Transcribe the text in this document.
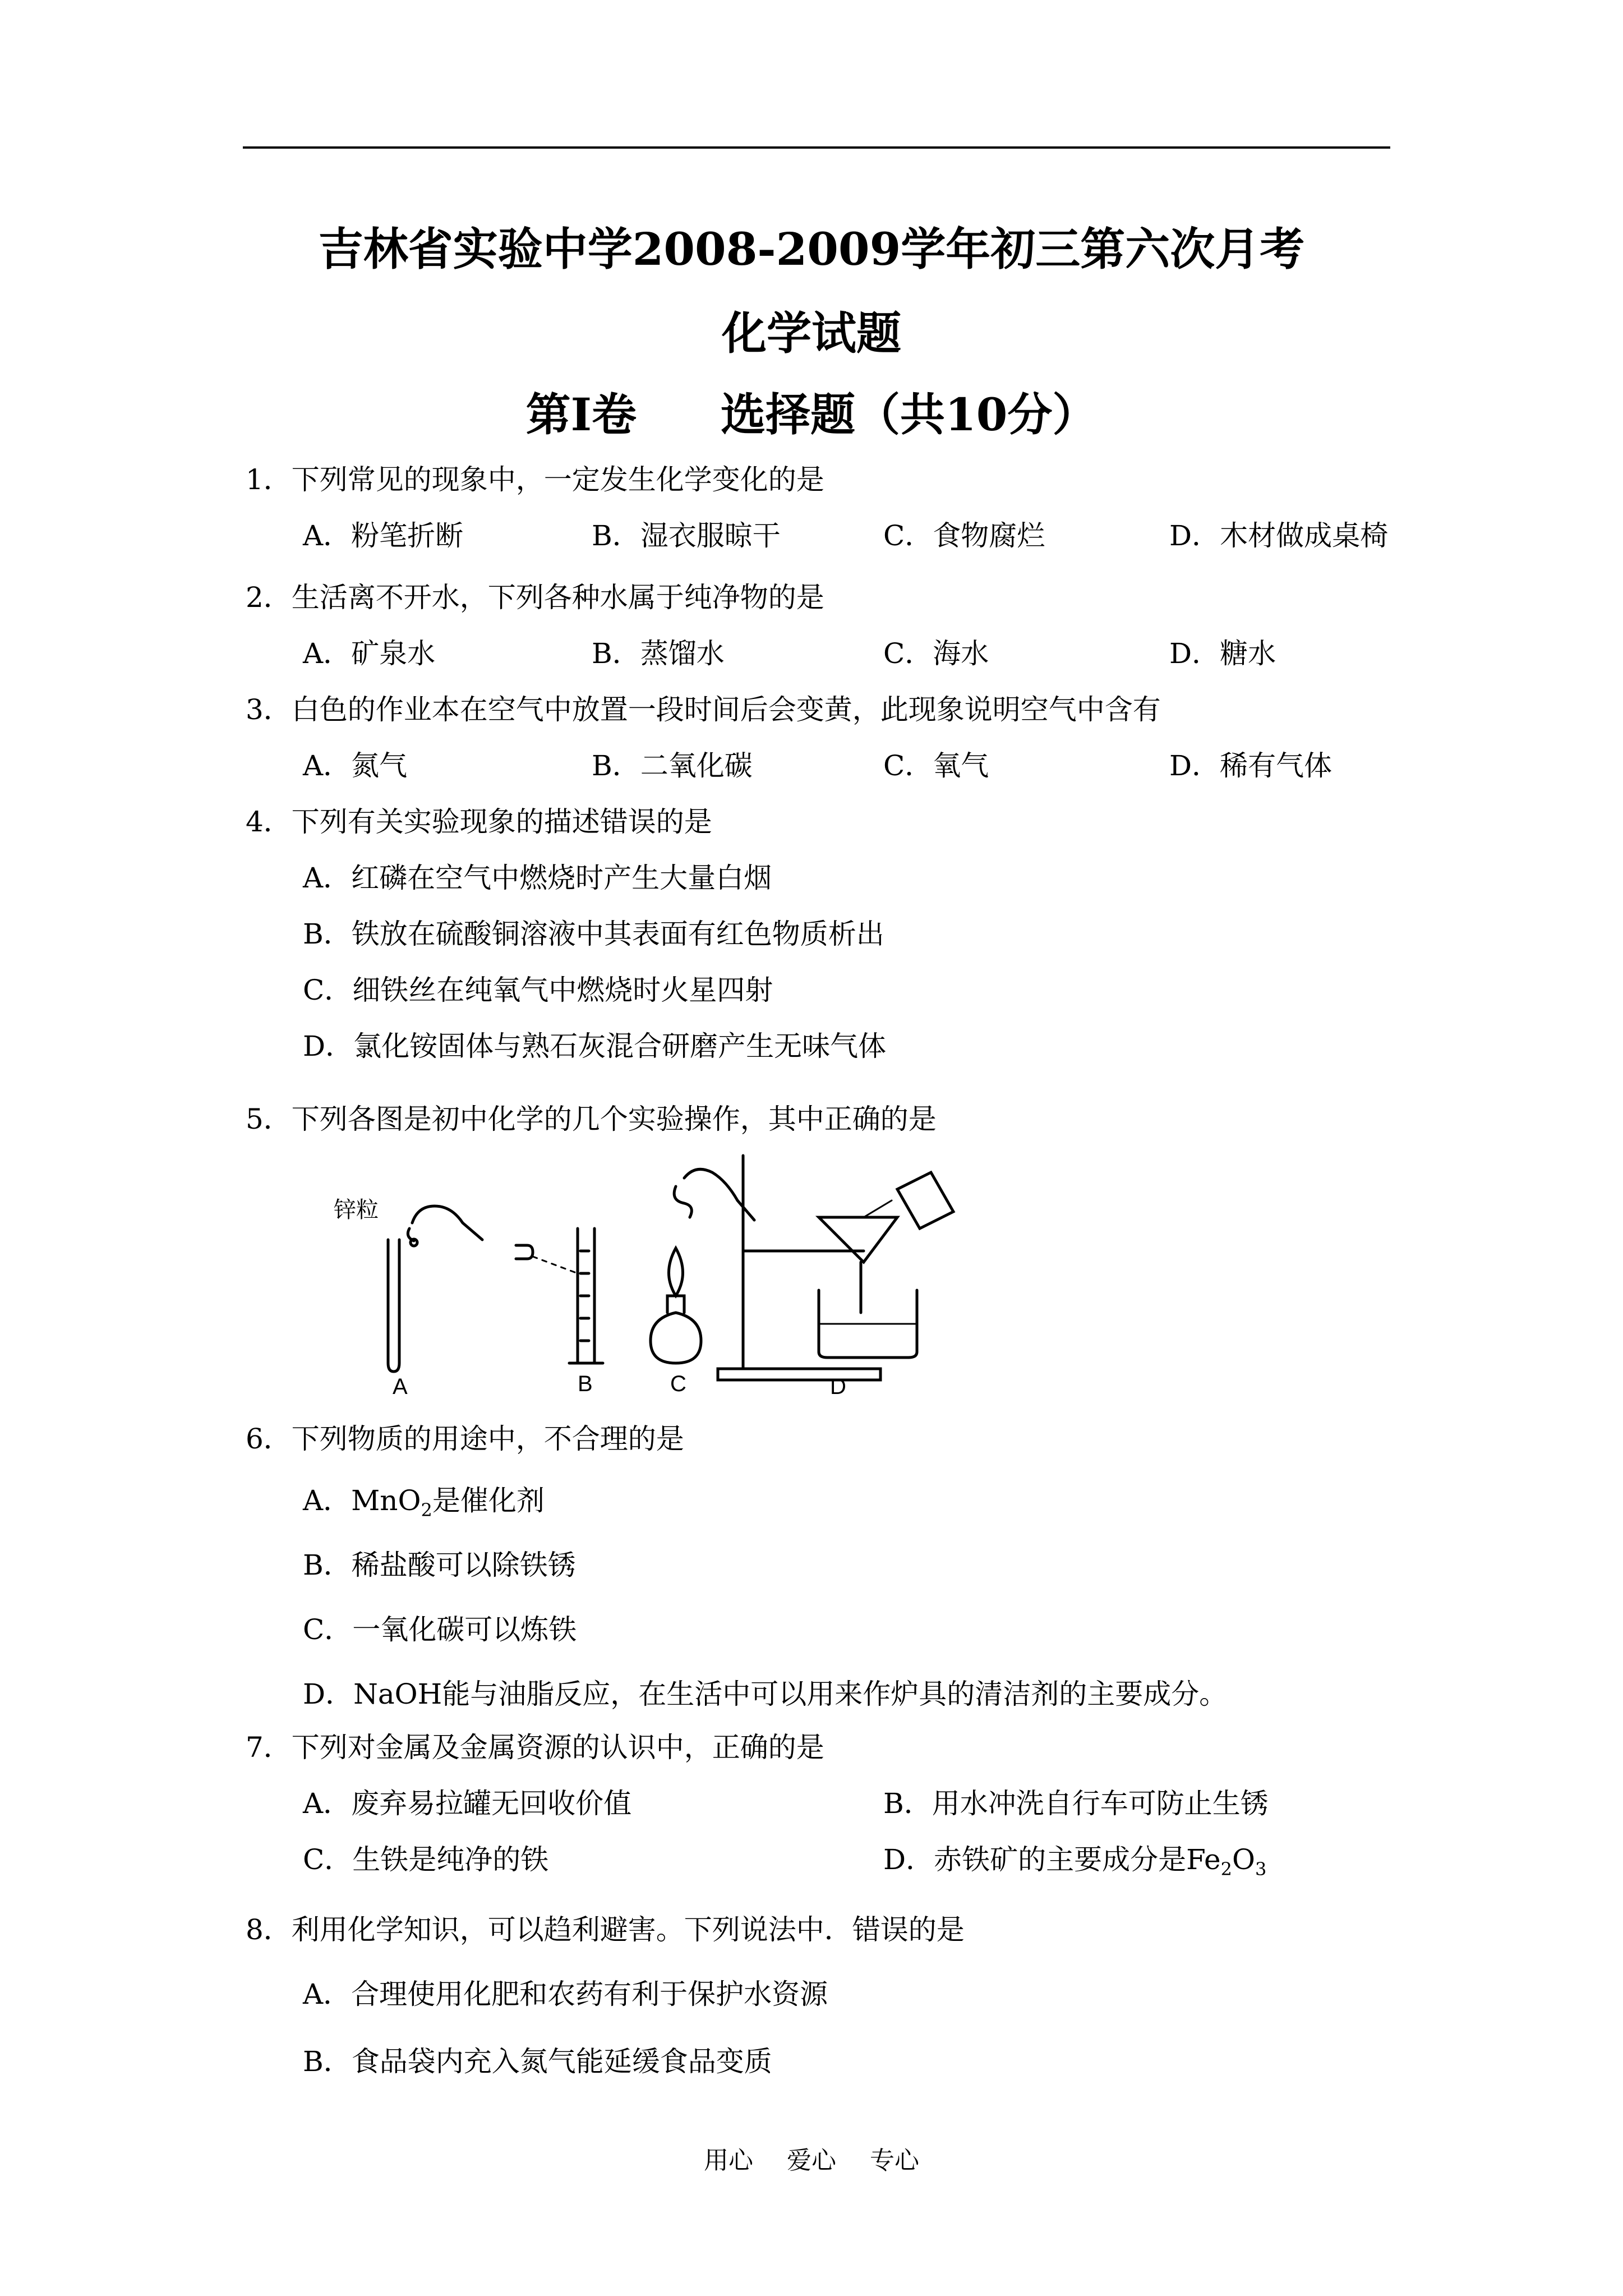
吉林省实验中学2008-2009学年初三第六次月考
化学试题
第Ⅰ卷 选择题（共10分）
1．下列常见的现象中，一定发生化学变化的是
A．粉笔折断	B．湿衣服晾干	C．食物腐烂	D．木材做成桌椅
2．生活离不开水，下列各种水属于纯净物的是
A．矿泉水	B．蒸馏水	C．海水	D．糖水
3．白色的作业本在空气中放置一段时间后会变黄，此现象说明空气中含有
A．氮气	B．二氧化碳	C．氧气	D．稀有气体
4．下列有关实验现象的描述错误的是
A．红磷在空气中燃烧时产生大量白烟
B．铁放在硫酸铜溶液中其表面有红色物质析出
C．细铁丝在纯氧气中燃烧时火星四射
D．氯化铵固体与熟石灰混合研磨产生无味气体
5．下列各图是初中化学的几个实验操作，其中正确的是
锌粒
A	B	C	D
6．下列物质的用途中，不合理的是
A．MnO$_2$是催化剂
B．稀盐酸可以除铁锈
C．一氧化碳可以炼铁
D．NaOH能与油脂反应，在生活中可以用来作炉具的清洁剂的主要成分。
7．下列对金属及金属资源的认识中，正确的是
A．废弃易拉罐无回收价值	B．用水冲洗自行车可防止生锈
C．生铁是纯净的铁	D．赤铁矿的主要成分是$Fe_2O_3$
8．利用化学知识，可以趋利避害。下列说法中．错误的是
A．合理使用化肥和农药有利于保护水资源
B．食品袋内充入氮气能延缓食品变质
用心 爱心 专心
